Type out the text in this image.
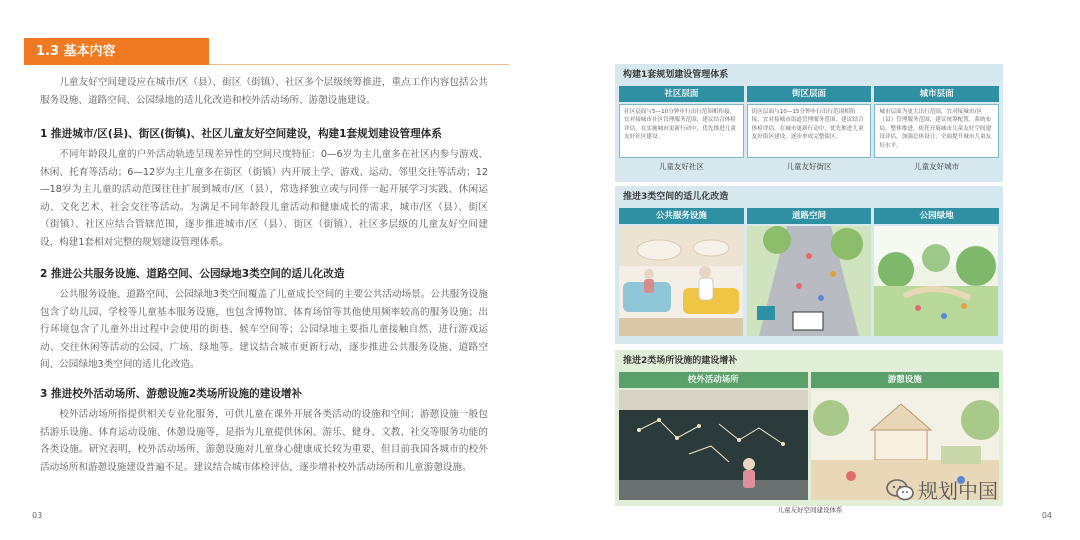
1.3 基本内容

儿童友好空间建设应在城市/区（县）、街区（街镇）、社区多个层级统筹推进，重点工作内容包括公共服务设施、道路空间、公园绿地的适儿化改造和校外活动场所、游憩设施建设。

1 推进城市/区(县)、街区(街镇)、社区儿童友好空间建设，构建1套规划建设管理体系

不同年龄段儿童的户外活动轨迹呈现差异性的空间尺度特征：0—6岁为主儿童多在社区内参与游戏、休闲、托育等活动；6—12岁为主儿童多在街区（街镇）内开展上学、游戏、运动、邻里交往等活动；12—18岁为主儿童的活动范围往往扩展到城市/区（县），常选择独立或与同伴一起开展学习实践、休闲运动、文化艺术、社会交往等活动。为满足不同年龄段儿童活动和健康成长的需求，城市/区（县）、街区（街镇）、社区应结合管辖范围，逐步推进城市/区（县）、街区（街镇）、社区多层级的儿童友好空间建设，构建1套相对完整的规划建设管理体系。

2 推进公共服务设施、道路空间、公园绿地3类空间的适儿化改造

公共服务设施、道路空间、公园绿地3类空间覆盖了儿童成长空间的主要公共活动场景。公共服务设施包含了幼儿园、学校等儿童基本服务设施，也包含博物馆、体育场馆等其他使用频率较高的服务设施；出行环境包含了儿童外出过程中会使用的街巷、候车空间等；公园绿地主要指儿童接触自然、进行游戏运动、交往休闲等活动的公园、广场、绿地等。建议结合城市更新行动，逐步推进公共服务设施、道路空间、公园绿地3类空间的适儿化改造。

3 推进校外活动场所、游憩设施2类场所设施的建设增补

校外活动场所指提供相关专业化服务，可供儿童在课外开展各类活动的设施和空间；游憩设施一般包括游乐设施、体育运动设施、休憩设施等，是指为儿童提供休闲、游乐、健身、文教、社交等服务功能的各类设施。研究表明，校外活动场所、游憩设施对儿童身心健康成长较为重要，但目前我国各城市的校外活动场所和游憩设施建设普遍不足。建议结合城市体检评估，逐步增补校外活动场所和儿童游憩设施。

03
构建1套规划建设管理体系
社区层面	街区层面	城市层面
社区层面与5—10分钟步行出行范围相衔接，宜对接城市社区管理服务范围，建议结合体检评估，在实施城市更新行动中，优先推进儿童友好社区建设。
街区层面与10—15分钟步行出行范围相衔接，宜对接城市街道管理服务范围，建议结合体检评估，在城市更新行动中，优先推进儿童友好街区建设，逐步形成完整街区。
城市层面为更大出行范围，宜对接城市/区（县）管理服务范围，建议统筹配置，系统布局，整体推进，依托开展城市儿童友好空间建设评估，加强总体设计，全面提升城市儿童友好水平。
儿童友好社区	儿童友好街区	儿童友好城市
推进3类空间的适儿化改造
公共服务设施	道路空间	公园绿地
推进2类场所设施的建设增补
校外活动场所	游憩设施
规划中国
儿童友好空间建设体系
04
